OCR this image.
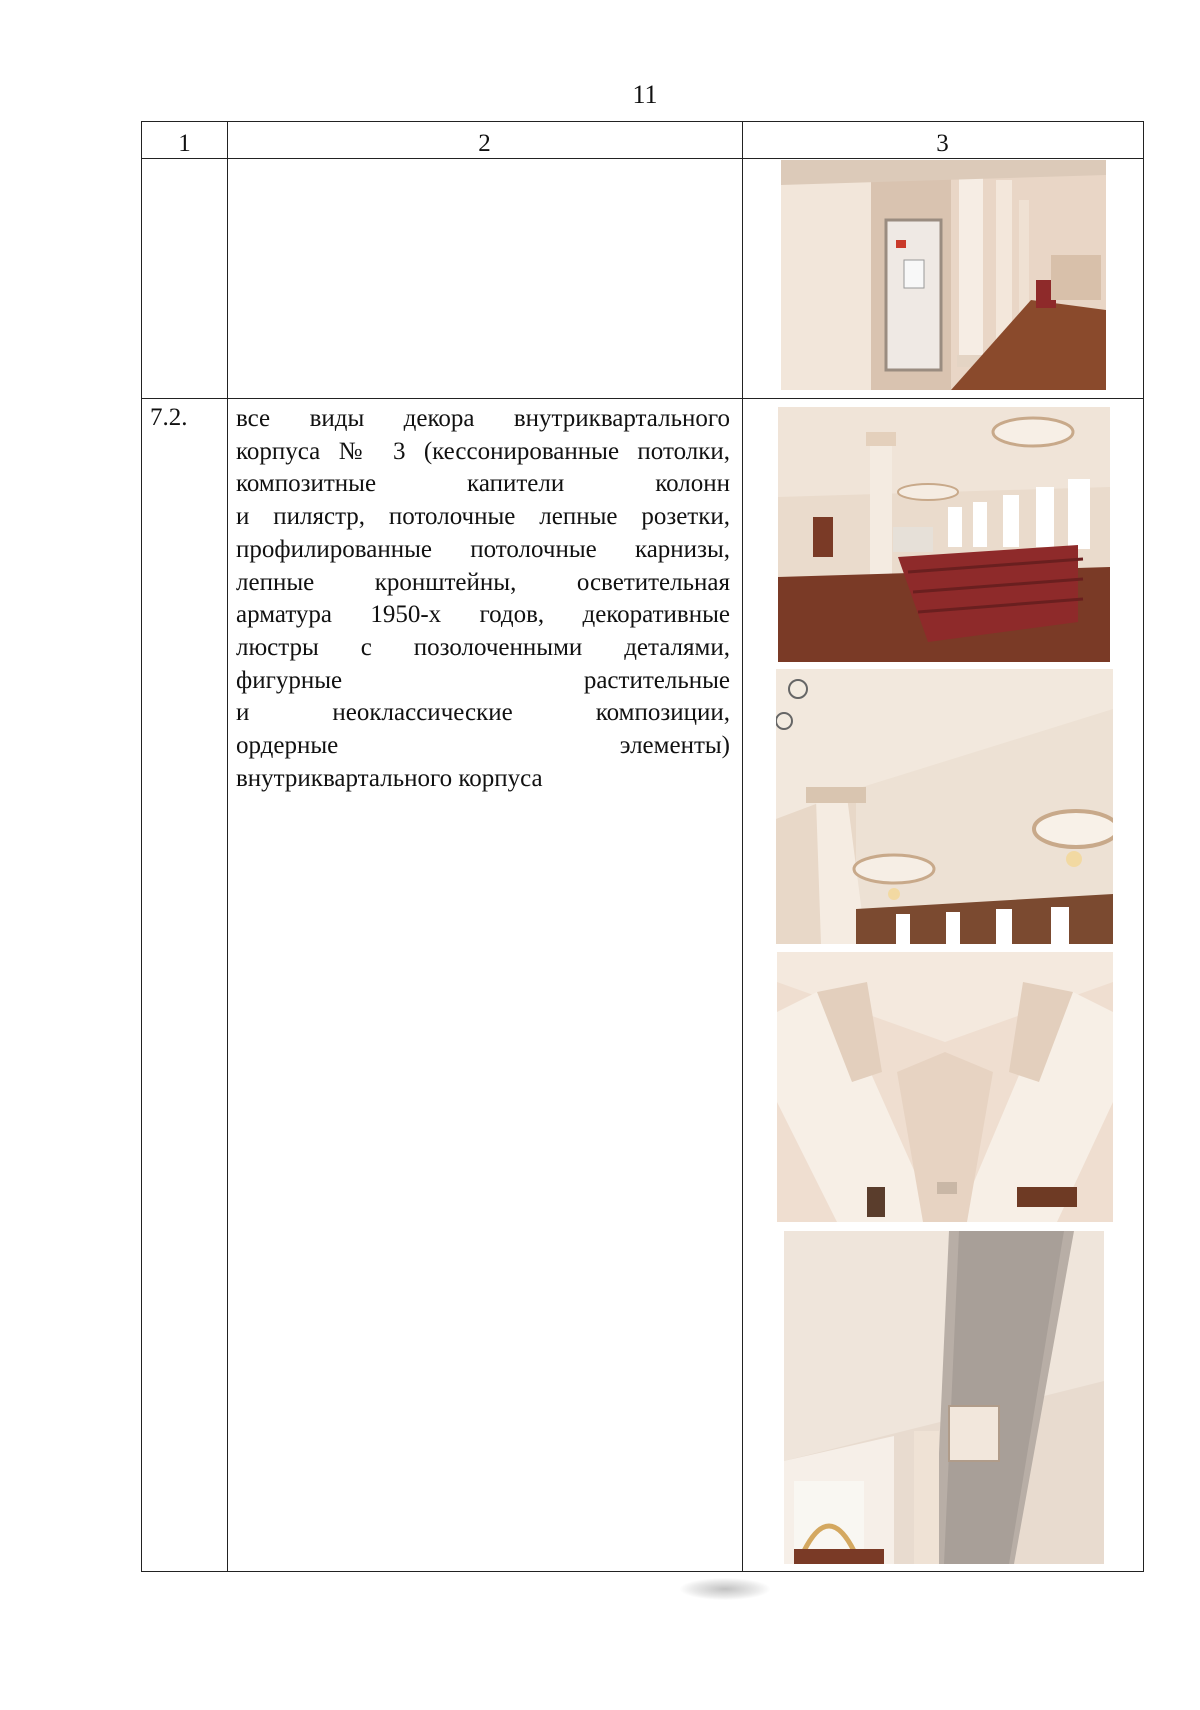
11
1	2	3
7.2. все виды декора внутриквартального
корпуса № 3 (кессонированные потолки,
композитные капители колонн
и пилястр, потолочные лепные розетки,
профилированные потолочные карнизы,
лепные кронштейны, осветительная
арматура 1950-х годов, декоративные
люстры с позолоченными деталями,
фигурные растительные
и неоклассические композиции,
ордерные элементы)
внутриквартального корпуса
